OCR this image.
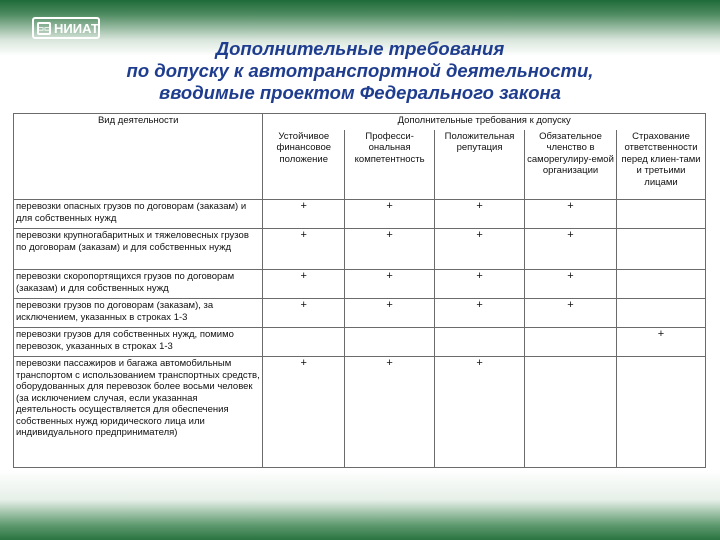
▭▭ НИИАТ
Дополнительные требования
по допуску к автотранспортной деятельности,
вводимые проектом Федерального закона
Вид деятельности	Дополнительные требования к допуску				
	Устойчивое финансовое положение	Професси-ональная компетентность	Положительная репутация	Обязательное членство в саморегулиру-емой организации	Страхование ответственности перед клиен-тами и третьими лицами
перевозки опасных грузов по договорам (заказам) и для собственных нужд	+	+	+	+	
перевозки крупногабаритных и тяжеловесных грузов по договорам (заказам) и для собственных нужд	+	+	+	+	
перевозки скоропортящихся грузов по договорам (заказам) и для собственных нужд	+	+	+	+	
перевозки грузов по договорам (заказам), за исключением, указанных в строках 1-3	+	+	+	+	
перевозки грузов для собственных нужд, помимо перевозок, указанных в строках 1-3					+
перевозки пассажиров и багажа автомобильным транспортом с использованием транспортных средств, оборудованных для перевозок более восьми человек (за исключением случая, если указанная деятельность осуществляется для обеспечения собственных нужд юридического лица или индивидуального предпринимателя)	+	+	+		
